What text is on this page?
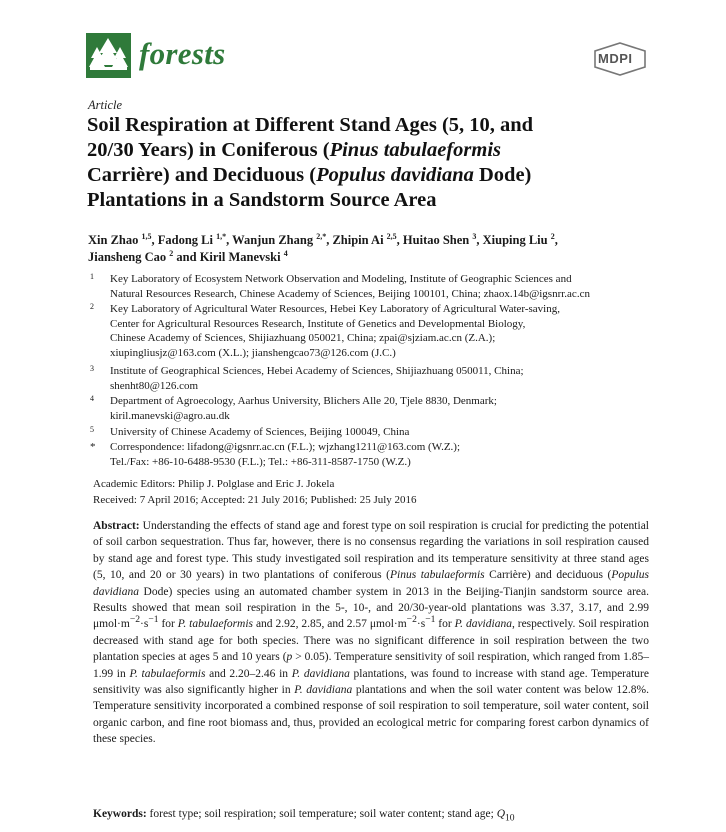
forests	MDPI
Article
Soil Respiration at Different Stand Ages (5, 10, and
20/30 Years) in Coniferous (Pinus tabulaeformis
Carrière) and Deciduous (Populus davidiana Dode)
Plantations in a Sandstorm Source Area
Xin Zhao $^{1,5}$, Fadong Li $^{1,*}$, Wanjun Zhang $^{2,*}$, Zhipin Ai $^{2,5}$, Huitao Shen $^3$, Xiuping Liu $^2$,
Jiansheng Cao $^2$ and Kiril Manevski $^4$
1 Key Laboratory of Ecosystem Network Observation and Modeling, Institute of Geographic Sciences and
Natural Resources Research, Chinese Academy of Sciences, Beijing 100101, China; zhaox.14b@igsnrr.ac.cn
2 Key Laboratory of Agricultural Water Resources, Hebei Key Laboratory of Agricultural Water-saving,
Center for Agricultural Resources Research, Institute of Genetics and Developmental Biology,
Chinese Academy of Sciences, Shijiazhuang 050021, China; zpai@sjziam.ac.cn (Z.A.);
xiupingliusjz@163.com (X.L.); jianshengcao73@126.com (J.C.)
3 Institute of Geographical Sciences, Hebei Academy of Sciences, Shijiazhuang 050011, China;
shenht80@126.com
4 Department of Agroecology, Aarhus University, Blichers Alle 20, Tjele 8830, Denmark;
kiril.manevski@agro.au.dk
5 University of Chinese Academy of Sciences, Beijing 100049, China
* Correspondence: lifadong@igsnrr.ac.cn (F.L.); wjzhang1211@163.com (W.Z.);
Tel./Fax: +86-10-6488-9530 (F.L.); Tel.: +86-311-8587-1750 (W.Z.)
Academic Editors: Philip J. Polglase and Eric J. Jokela
Received: 7 April 2016; Accepted: 21 July 2016; Published: 25 July 2016
Abstract: Understanding the effects of stand age and forest type on soil respiration is crucial for predicting the potential of soil carbon sequestration. Thus far, however, there is no consensus regarding the variations in soil respiration caused by stand age and forest type. This study investigated soil respiration and its temperature sensitivity at three stand ages (5, 10, and 20 or 30 years) in two plantations of coniferous (Pinus tabulaeformis Carrière) and deciduous (Populus davidiana Dode) species using an automated chamber system in 2013 in the Beijing-Tianjin sandstorm source area. Results showed that mean soil respiration in the 5-, 10-, and 20/30-year-old plantations was 3.37, 3.17, and 2.99 $\mu mol\cdot m^{-2}\cdot s^{-1}$ for P. tabulaeformis and 2.92, 2.85, and 2.57 $\mu mol\cdot m^{-2}\cdot s^{-1}$ for P. davidiana, respectively. Soil respiration decreased with stand age for both species. There was no significant difference in soil respiration between the two plantation species at ages 5 and 10 years (p > 0.05). Temperature sensitivity of soil respiration, which ranged from 1.85–1.99 in P. tabulaeformis and 2.20–2.46 in P. davidiana plantations, was found to increase with stand age. Temperature sensitivity was also significantly higher in P. davidiana plantations and when the soil water content was below 12.8%. Temperature sensitivity incorporated a combined response of soil respiration to soil temperature, soil water content, soil organic carbon, and fine root biomass and, thus, provided an ecological metric for comparing forest carbon dynamics of these species.
Keywords: forest type; soil respiration; soil temperature; soil water content; stand age; $Q_{10}$
